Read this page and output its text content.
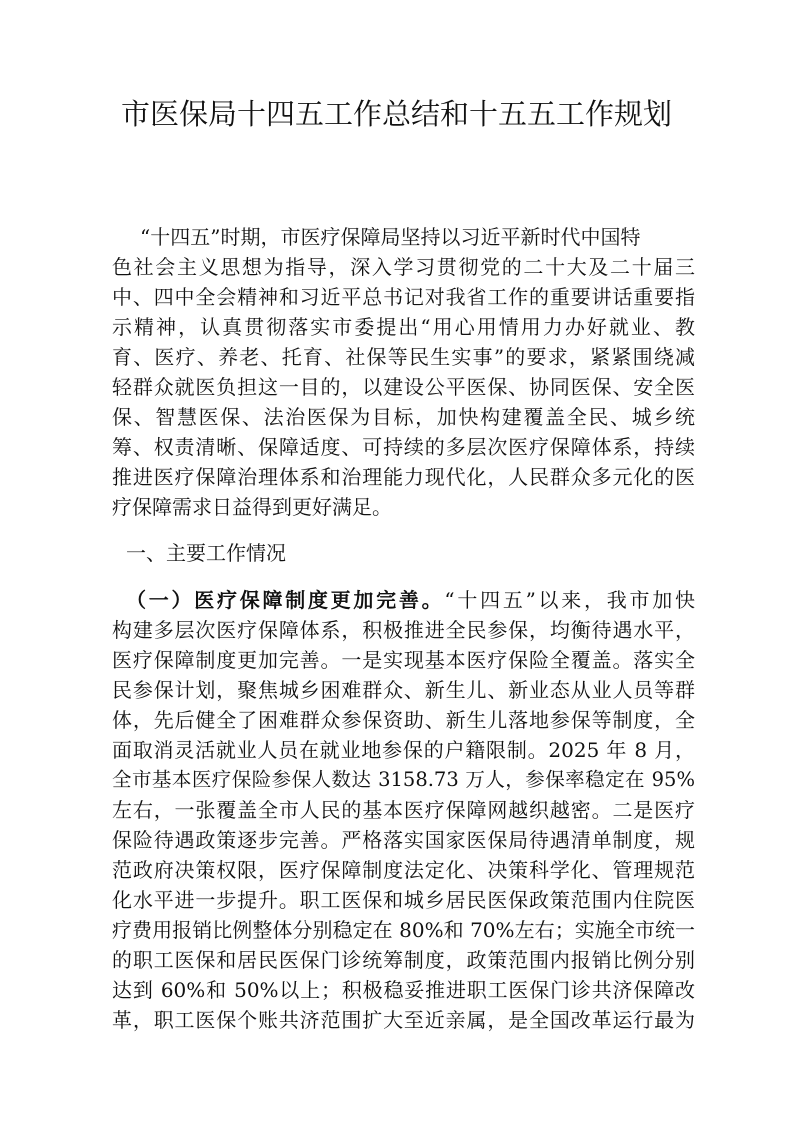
市医保局十四五工作总结和十五五工作规划
“十四五”时期，市医疗保障局坚持以习近平新时代中国特
色社会主义思想为指导，深入学习贯彻党的二十大及二十届三
中、四中全会精神和习近平总书记对我省工作的重要讲话重要指
示精神，认真贯彻落实市委提出“用心用情用力办好就业、教
育、医疗、养老、托育、社保等民生实事”的要求，紧紧围绕减
轻群众就医负担这一目的，以建设公平医保、协同医保、安全医
保、智慧医保、法治医保为目标，加快构建覆盖全民、城乡统
筹、权责清晰、保障适度、可持续的多层次医疗保障体系，持续
推进医疗保障治理体系和治理能力现代化，人民群众多元化的医
疗保障需求日益得到更好满足。
一、主要工作情况
（一）医疗保障制度更加完善。“十四五”以来，我市加快
构建多层次医疗保障体系，积极推进全民参保，均衡待遇水平，
医疗保障制度更加完善。一是实现基本医疗保险全覆盖。落实全
民参保计划，聚焦城乡困难群众、新生儿、新业态从业人员等群
体，先后健全了困难群众参保资助、新生儿落地参保等制度，全
面取消灵活就业人员在就业地参保的户籍限制。2025 年 8 月，
全市基本医疗保险参保人数达 3158.73 万人，参保率稳定在 95%
左右，一张覆盖全市人民的基本医疗保障网越织越密。二是医疗
保险待遇政策逐步完善。严格落实国家医保局待遇清单制度，规
范政府决策权限，医疗保障制度法定化、决策科学化、管理规范
化水平进一步提升。职工医保和城乡居民医保政策范围内住院医
疗费用报销比例整体分别稳定在 80%和 70%左右；实施全市统一
的职工医保和居民医保门诊统筹制度，政策范围内报销比例分别
达到 60%和 50%以上；积极稳妥推进职工医保门诊共济保障改
革，职工医保个账共济范围扩大至近亲属，是全国改革运行最为
